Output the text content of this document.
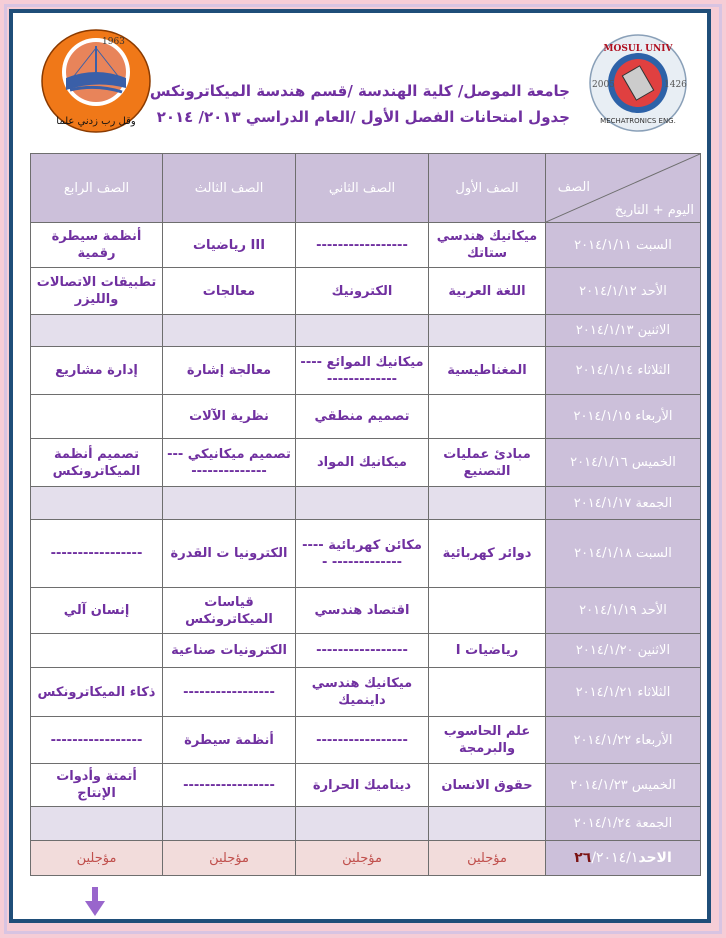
1963
وقل رب زدني علما
MOSUL UNIV
2005	1426
MECHATRONICS ENG.
جامعة الموصل/ كلية الهندسة /قسم هندسة الميكاترونكس
جدول امتحانات الفصل الأول /العام الدراسي ٢٠١٣/ ٢٠١٤
الصف
اليوم + التاريخ	الصف الأول	الصف الثاني	الصف الثالث	الصف الرابع
السبت ٢٠١٤/١/١١	ميكانيك هندسي ستاتك	-----------------	III رياضيات	أنظمة سيطرة رقمية
الأحد ٢٠١٤/١/١٢	اللغة العربية	الكترونيك	معالجات	تطبيقات الاتصالات والليزر
الاثنين ٢٠١٤/١/١٣				
الثلاثاء ٢٠١٤/١/١٤	المغناطيسية	ميكانيك الموائع -----------------	معالجة إشارة	إدارة مشاريع
الأربعاء ٢٠١٤/١/١٥		تصميم منطقي	نظرية الآلات	
الخميس ٢٠١٤/١/١٦	مبادئ عمليات التصنيع	ميكانيك المواد	تصميم ميكانيكي -----------------	تصميم أنظمة الميكاترونكس
الجمعة ٢٠١٤/١/١٧				
السبت ٢٠١٤/١/١٨	دوائر كهربائية	مكائن كهربائية ----------------- -	الكترونيا ت القدرة	-----------------
الأحد ٢٠١٤/١/١٩		اقتصاد هندسي	قياسات الميكاترونكس	إنسان آلي
الاثنين ٢٠١٤/١/٢٠	رياضيات I	-----------------	الكترونيات صناعية	
الثلاثاء ٢٠١٤/١/٢١		ميكانيك هندسي داينميك	-----------------	ذكاء الميكاترونكس
الأربعاء ٢٠١٤/١/٢٢	علم الحاسوب والبرمجة	-----------------	أنظمة سيطرة	-----------------
الخميس ٢٠١٤/١/٢٣	حقوق الانسان	ديناميك الحرارة	-----------------	أتمتة وأدوات الإنتاج
الجمعة ٢٠١٤/١/٢٤				
الاحد٢٦/٢٠١٤/١	مؤجلين	مؤجلين	مؤجلين	مؤجلين
